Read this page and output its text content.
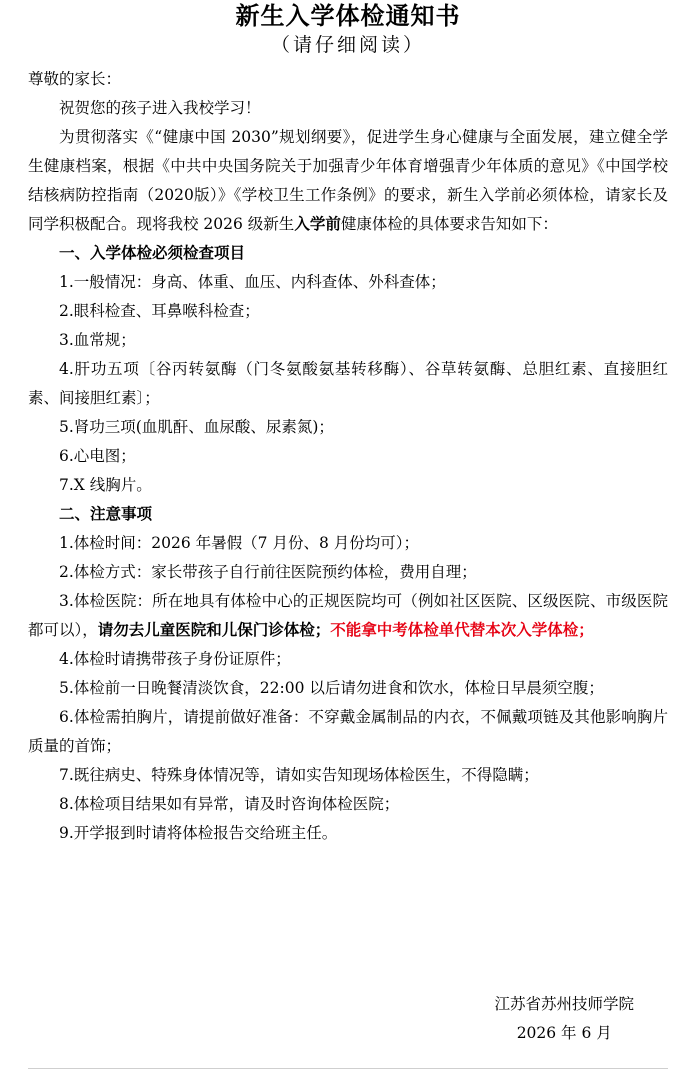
新生入学体检通知书
（请仔细阅读）

尊敬的家长：

祝贺您的孩子进入我校学习！

为贯彻落实《“健康中国 2030”规划纲要》，促进学生身心健康与全面发展，建立健全学生健康档案，根据《中共中央国务院关于加强青少年体育增强青少年体质的意见》《中国学校结核病防控指南（2020版）》《学校卫生工作条例》的要求，新生入学前必须体检，请家长及同学积极配合。现将我校 2026 级新生入学前健康体检的具体要求告知如下：

一、入学体检必须检查项目

1.一般情况：身高、体重、血压、内科查体、外科查体；

2.眼科检查、耳鼻喉科检查；

3.血常规；

4.肝功五项〔谷丙转氨酶（门冬氨酸氨基转移酶）、谷草转氨酶、总胆红素、直接胆红素、间接胆红素〕；

5.肾功三项(血肌酐、血尿酸、尿素氮)；

6.心电图；

7.X 线胸片。

二、注意事项

1.体检时间：2026 年暑假（7 月份、8 月份均可）；

2.体检方式：家长带孩子自行前往医院预约体检，费用自理；

3.体检医院：所在地具有体检中心的正规医院均可（例如社区医院、区级医院、市级医院都可以），请勿去儿童医院和儿保门诊体检；不能拿中考体检单代替本次入学体检；

4.体检时请携带孩子身份证原件；

5.体检前一日晚餐清淡饮食，22:00 以后请勿进食和饮水，体检日早晨须空腹；

6.体检需拍胸片，请提前做好准备：不穿戴金属制品的内衣，不佩戴项链及其他影响胸片质量的首饰；

7.既往病史、特殊身体情况等，请如实告知现场体检医生，不得隐瞒；

8.体检项目结果如有异常，请及时咨询体检医院；

9.开学报到时请将体检报告交给班主任。

江苏省苏州技师学院
2026 年 6 月
